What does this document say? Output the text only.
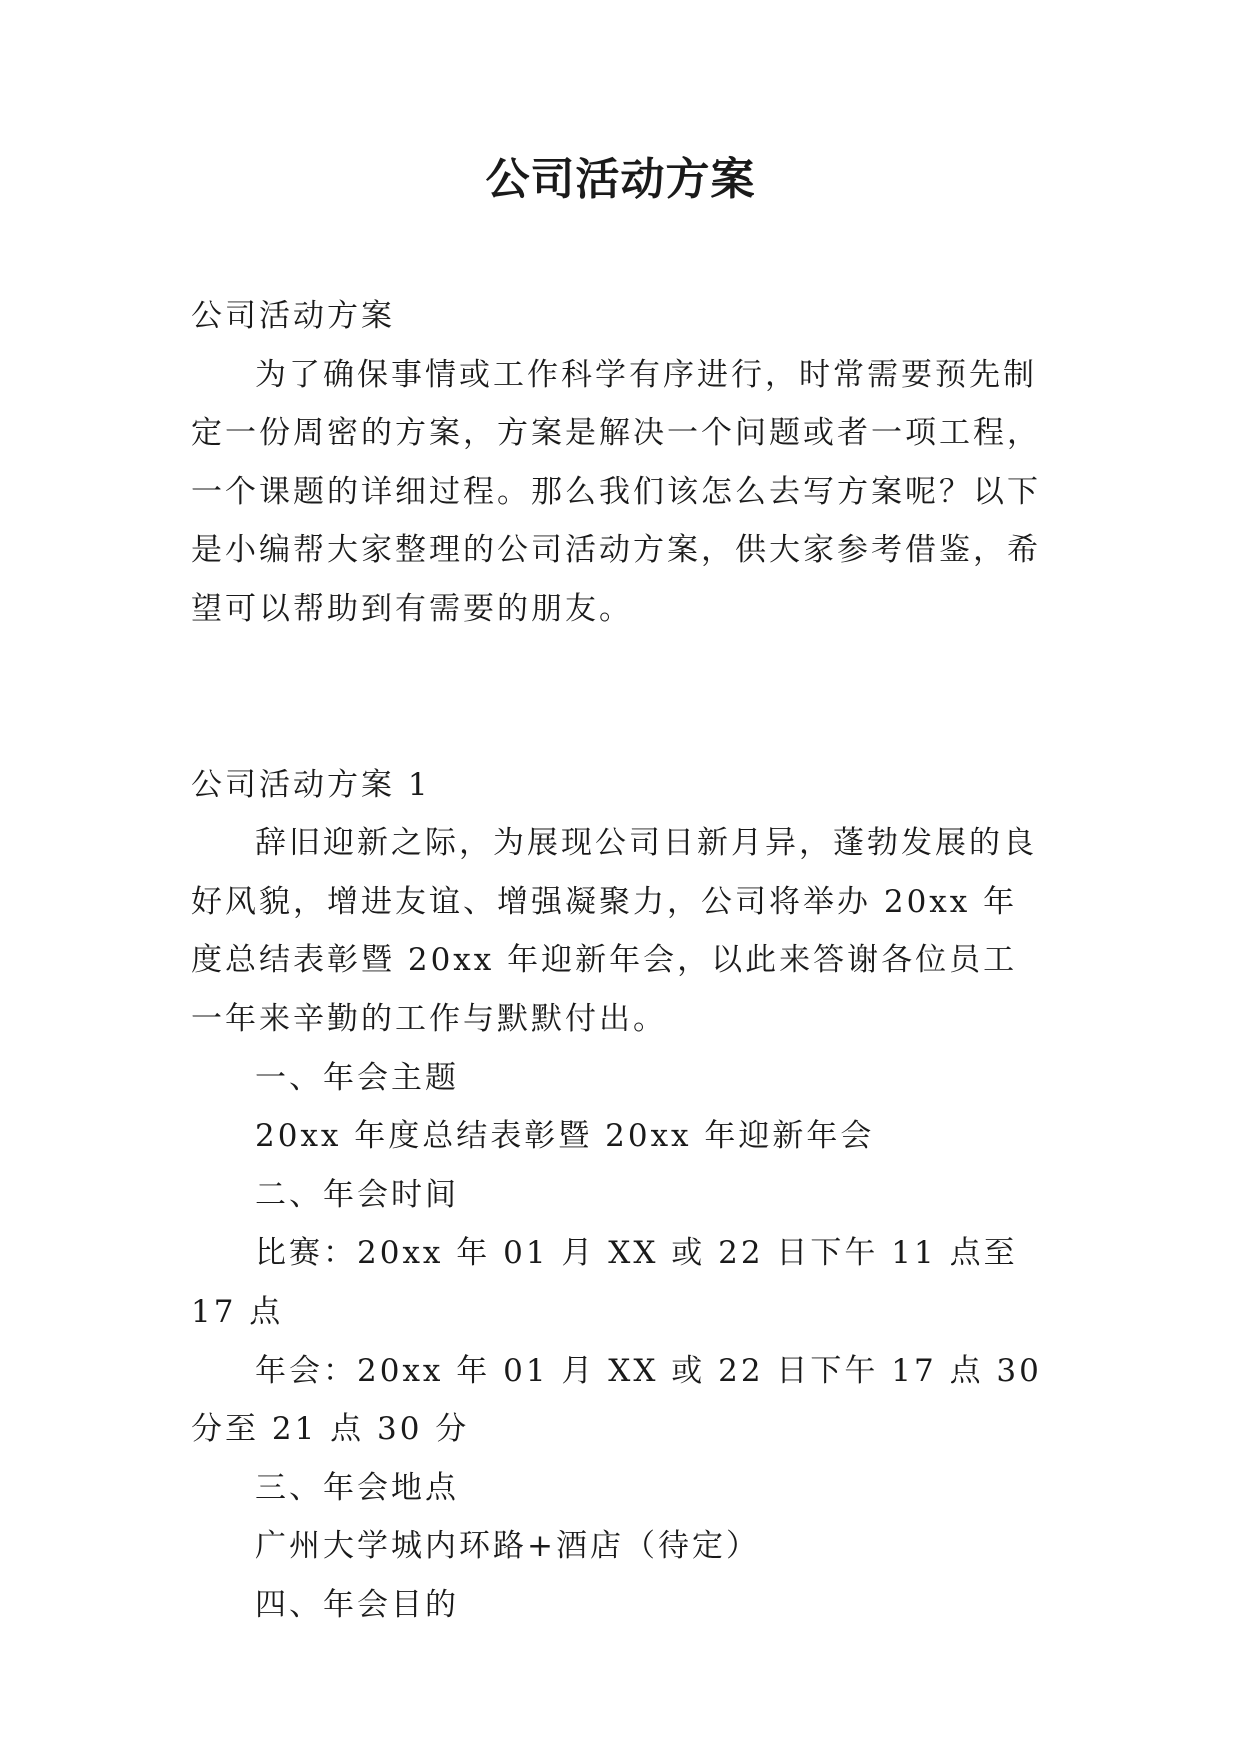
公司活动方案

公司活动方案

为了确保事情或工作科学有序进行，时常需要预先制定一份周密的方案，方案是解决一个问题或者一项工程，一个课题的详细过程。那么我们该怎么去写方案呢？以下是小编帮大家整理的公司活动方案，供大家参考借鉴，希望可以帮助到有需要的朋友。

公司活动方案 1

辞旧迎新之际，为展现公司日新月异，蓬勃发展的良好风貌，增进友谊、增强凝聚力，公司将举办 20xx 年度总结表彰暨 20xx 年迎新年会，以此来答谢各位员工一年来辛勤的工作与默默付出。

一、年会主题

20xx 年度总结表彰暨 20xx 年迎新年会

二、年会时间

比赛：20xx 年 01 月 XX 或 22 日下午 11 点至 17 点

年会：20xx 年 01 月 XX 或 22 日下午 17 点 30 分至 21 点 30 分

三、年会地点

广州大学城内环路+酒店（待定）

四、年会目的
